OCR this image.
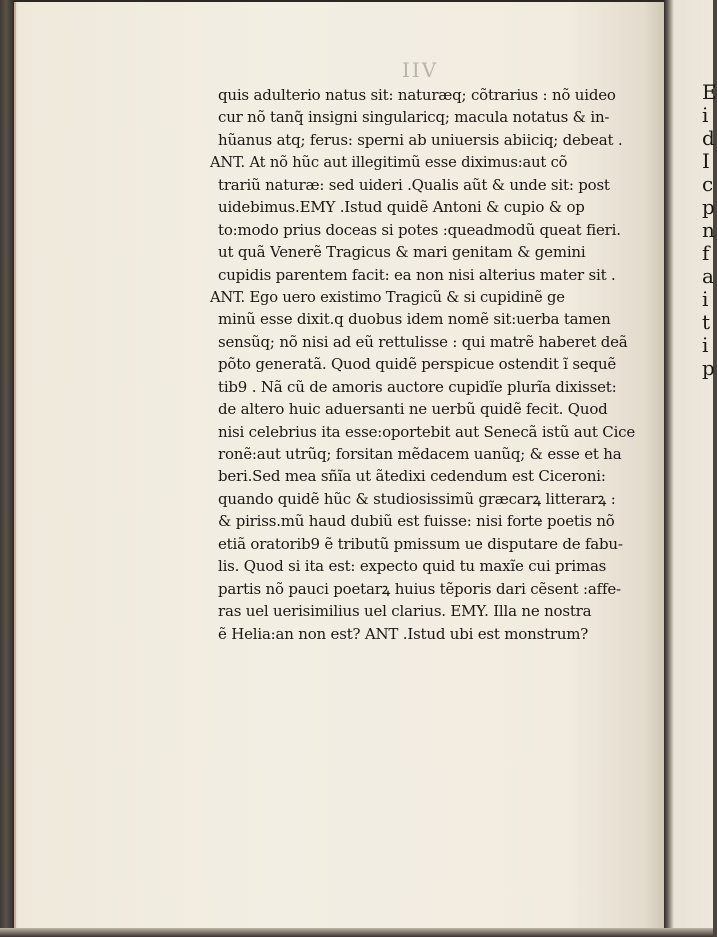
IIV
quis adulterio natus sit: naturæq; cõtrarius : nõ uideo
cur nõ tanq̃ insigni singularicq; macula notatus & in-
hũanus atq; ferus: sperni ab uniuersis abiiciq; debeat .
ANT. At nõ hũc aut illegitimũ esse diximus:aut cõ
trariũ naturæ: sed uideri .Qualis aũt & unde sit: post
uidebimus.EMY .Istud quidẽ Antoni & cupio & op
to:modo prius doceas si potes :queadmodũ queat fieri.
ut quã Venerẽ Tragicus & mari genitam & gemini
cupidis parentem facit: ea non nisi alterius mater sit .
ANT. Ego uero existimo Tragicũ & si cupidinẽ ge
minũ esse dixit.q duobus idem nomẽ sit:uerba tamen
sensũq; nõ nisi ad eũ rettulisse : qui matrẽ haberet deã
põto generatã. Quod quidẽ perspicue ostendit ĩ sequẽ
tib9 . Nã cũ de amoris auctore cupidĩe plurĩa dixisset:
de altero huic aduersanti ne uerbũ quidẽ fecit. Quod
nisi celebrius ita esse:oportebit aut Senecã istũ aut Cice
ronẽ:aut utrũq; forsitan mẽdacem uanũq; & esse et ha
beri.Sed mea sñĩa ut ãtedixi cedendum est Ciceroni:
quando quidẽ hũc & studiosissimũ græcarꝝ litterarꝝ :
& piriss.mũ haud dubiũ est fuisse: nisi forte poetis nõ
etiã oratorib9 ẽ tributũ pmissum ue disputare de fabu-
lis. Quod si ita est: expecto quid tu maxĩe cui primas
partis nõ pauci poetarꝝ huius tẽporis dari cẽsent :affe-
ras uel uerisimilius uel clarius. EMY. Illa ne nostra
ẽ Helia:an non est? ANT .Istud ubi est monstrum?
E
i
d
I
c
p
n
f
a
i
t
i
p
